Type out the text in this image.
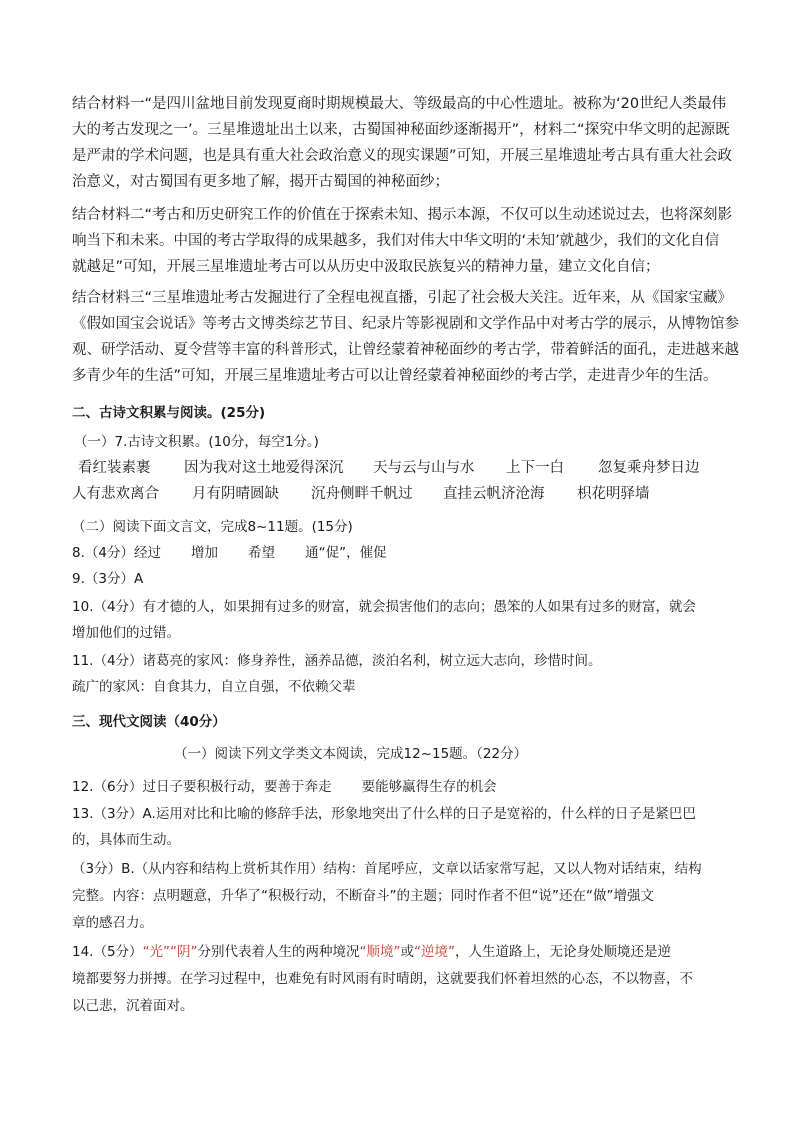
结合材料一“是四川盆地目前发现夏商时期规模最大、等级最高的中心性遗址。被称为‘20世纪人类最伟
大的考古发现之一’。三星堆遗址出土以来，古蜀国神秘面纱逐渐揭开”，材料二“探究中华文明的起源既
是严肃的学术问题，也是具有重大社会政治意义的现实课题”可知，开展三星堆遗址考古具有重大社会政
治意义，对古蜀国有更多地了解，揭开古蜀国的神秘面纱；
结合材料二“考古和历史研究工作的价值在于探索未知、揭示本源，不仅可以生动述说过去，也将深刻影
响当下和未来。中国的考古学取得的成果越多，我们对伟大中华文明的‘未知’就越少，我们的文化自信
就越足”可知，开展三星堆遗址考古可以从历史中汲取民族复兴的精神力量，建立文化自信；
结合材料三“三星堆遗址考古发掘进行了全程电视直播，引起了社会极大关注。近年来，从《国家宝藏》
《假如国宝会说话》等考古文博类综艺节目、纪录片等影视剧和文学作品中对考古学的展示，从博物馆参
观、研学活动、夏令营等丰富的科普形式，让曾经蒙着神秘面纱的考古学，带着鲜活的面孔，走进越来越
多青少年的生活”可知，开展三星堆遗址考古可以让曾经蒙着神秘面纱的考古学，走进青少年的生活。
二、古诗文积累与阅读。(25分)
（一）7.古诗文积累。(10分，每空1分。)
看红装素裹 因为我对这土地爱得深沉 天与云与山与水 上下一白 忽复乘舟梦日边
人有悲欢离合 月有阴晴圆缺 沉舟侧畔千帆过 直挂云帆济沧海 枳花明驿墙
（二）阅读下面文言文，完成8~11题。(15分)
8.（4分）经过       增加       希望       通“促”，催促
9.（3分）A
10.（4分）有才德的人，如果拥有过多的财富，就会损害他们的志向；愚笨的人如果有过多的财富，就会
增加他们的过错。
11.（4分）诸葛亮的家风：修身养性，涵养品德，淡泊名利，树立远大志向，珍惜时间。
疏广的家风：自食其力，自立自强，不依赖父辈
三、现代文阅读（40分）
（一）阅读下列文学类文本阅读，完成12~15题。（22分）
12.（6分）过日子要积极行动，要善于奔走       要能够赢得生存的机会
13.（3分）A.运用对比和比喻的修辞手法，形象地突出了什么样的日子是宽裕的，什么样的日子是紧巴巴
的，具体而生动。
（3分）B.（从内容和结构上赏析其作用）结构：首尾呼应，文章以话家常写起，又以人物对话结束，结构
完整。内容：点明题意，升华了“积极行动，不断奋斗”的主题；同时作者不但“说”还在“做”增强文
章的感召力。
14.（5分）“光”“阴”分别代表着人生的两种境况“顺境”或“逆境”，人生道路上，无论身处顺境还是逆
境都要努力拼搏。在学习过程中，也难免有时风雨有时晴朗，这就要我们怀着坦然的心态，不以物喜，不
以己悲，沉着面对。
